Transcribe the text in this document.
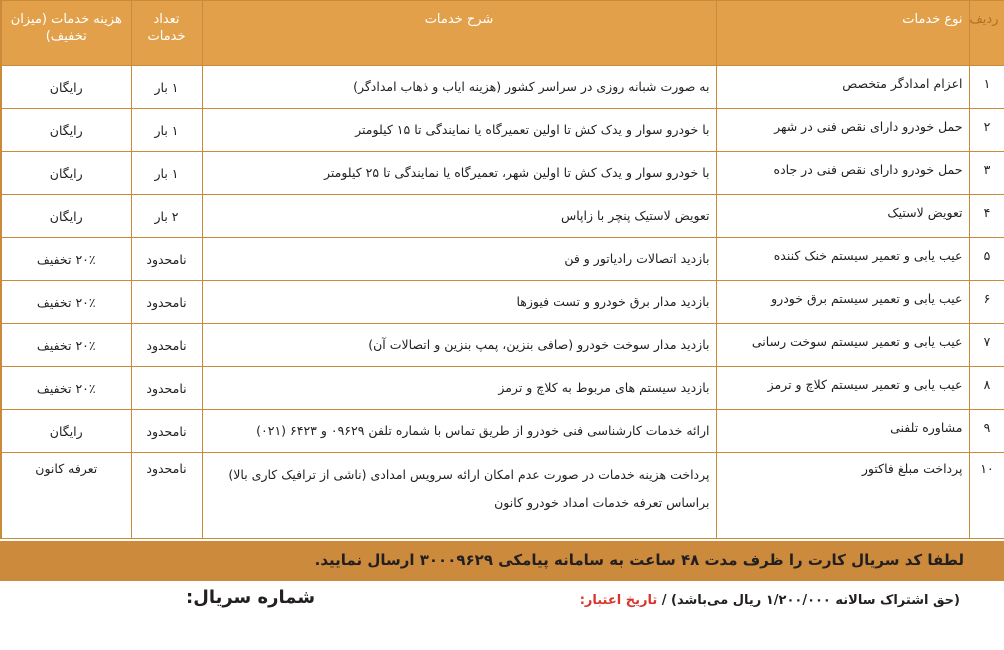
ردیف	نوع خدمات	شرح خدمات	تعداد خدمات	هزینه خدمات (میزان تخفیف)
۱	اعزام امدادگر متخصص	به صورت شبانه روزی در سراسر کشور (هزینه ایاب و ذهاب امدادگر)	۱ بار	رایگان
۲	حمل خودرو دارای نقص فنی در شهر	با خودرو سوار و یدک کش تا اولین تعمیرگاه یا نمایندگی تا ۱۵ کیلومتر	۱ بار	رایگان
۳	حمل خودرو دارای نقص فنی در جاده	با خودرو سوار و یدک کش تا اولین شهر، تعمیرگاه یا نمایندگی تا ۲۵ کیلومتر	۱ بار	رایگان
۴	تعویض لاستیک	تعویض لاستیک پنچر با زاپاس	۲ بار	رایگان
۵	عیب یابی و تعمیر سیستم خنک کننده	بازدید اتصالات رادیاتور و فن	نامحدود	۲۰٪ تخفیف
۶	عیب یابی و تعمیر سیستم برق خودرو	بازدید مدار برق خودرو و تست فیوزها	نامحدود	۲۰٪ تخفیف
۷	عیب یابی و تعمیر سیستم سوخت رسانی	بازدید مدار سوخت خودرو (صافی بنزین، پمپ بنزین و اتصالات آن)	نامحدود	۲۰٪ تخفیف
۸	عیب یابی و تعمیر سیستم کلاچ و ترمز	بازدید سیستم های مربوط به کلاچ و ترمز	نامحدود	۲۰٪ تخفیف
۹	مشاوره تلفنی	ارائه خدمات کارشناسی فنی خودرو از طریق تماس با شماره تلفن ۰۹۶۲۹ و ۶۴۲۳ (۰۲۱)	نامحدود	رایگان
۱۰	پرداخت مبلغ فاکتور	پرداخت هزینه خدمات در صورت عدم امکان ارائه سرویس امدادی (ناشی از ترافیک کاری بالا) براساس تعرفه خدمات امداد خودرو کانون	نامحدود	تعرفه کانون
لطفا کد سریال کارت را ظرف مدت ۴۸ ساعت به سامانه پیامکی ۳۰۰۰۹۶۲۹ ارسال نمایید.
(حق اشتراک سالانه ۱/۲۰۰/۰۰۰ ریال می‌باشد) / تاریخ اعتبار:
شماره سریال:
